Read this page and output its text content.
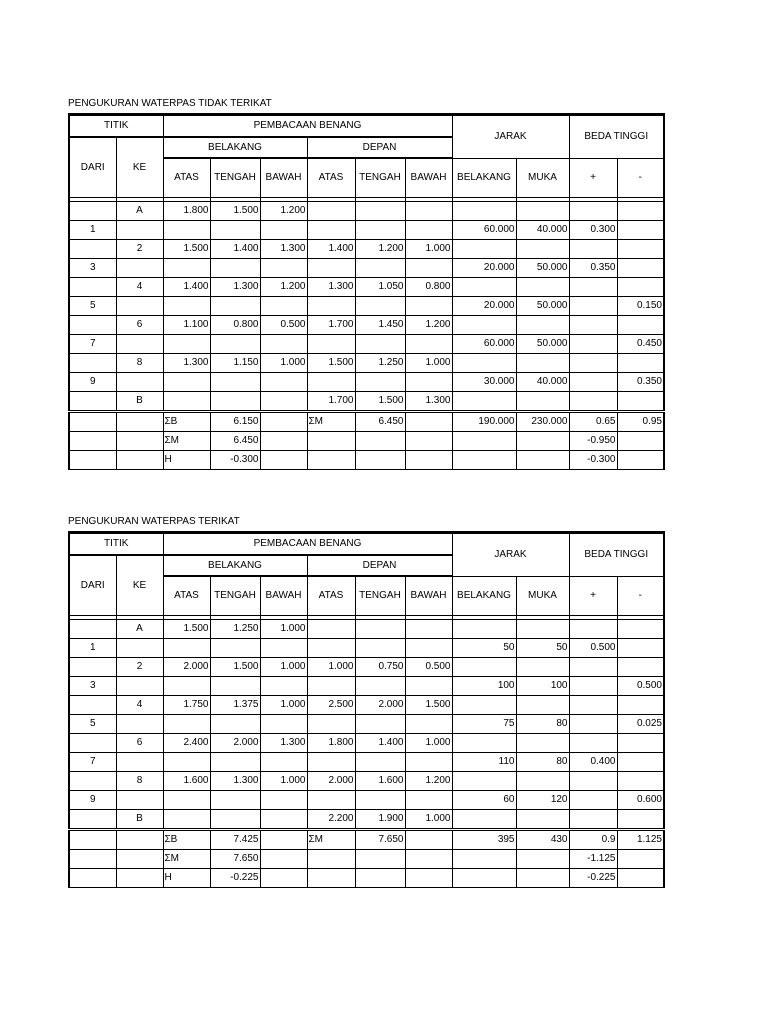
PENGUKURAN WATERPAS TIDAK TERIKAT
TITIK		PEMBACAAN BENANG						JARAK		BEDA TINGGI	
DARI	KE	BELAKANG			DEPAN						
		ATAS	TENGAH	BAWAH	ATAS	TENGAH	BAWAH	BELAKANG	MUKA	+	-

	A	1.800	1.500	1.200							
1								60.000	40.000	0.300	
	2	1.500	1.400	1.300	1.400	1.200	1.000				
3								20.000	50.000	0.350	
	4	1.400	1.300	1.200	1.300	1.050	0.800				
5								20.000	50.000		0.150
	6	1.100	0.800	0.500	1.700	1.450	1.200				
7								60.000	50.000		0.450
	8	1.300	1.150	1.000	1.500	1.250	1.000				
9								30.000	40.000		0.350
	B				1.700	1.500	1.300				
		ΣB	6.150		ΣM	6.450		190.000	230.000	0.65	0.95
		ΣM	6.450							-0.950	
		H	-0.300							-0.300	
PENGUKURAN WATERPAS TERIKAT
TITIK		PEMBACAAN BENANG						JARAK		BEDA TINGGI	
DARI	KE	BELAKANG			DEPAN						
		ATAS	TENGAH	BAWAH	ATAS	TENGAH	BAWAH	BELAKANG	MUKA	+	-

	A	1.500	1.250	1.000							
1								50	50	0.500	
	2	2.000	1.500	1.000	1.000	0.750	0.500				
3								100	100		0.500
	4	1.750	1.375	1.000	2.500	2.000	1.500				
5								75	80		0.025
	6	2.400	2.000	1.300	1.800	1.400	1.000				
7								110	80	0.400	
	8	1.600	1.300	1.000	2.000	1.600	1.200				
9								60	120		0.600
	B				2.200	1.900	1.000				
		ΣB	7.425		ΣM	7.650		395	430	0.9	1.125
		ΣM	7.650							-1.125	
		H	-0.225							-0.225	
